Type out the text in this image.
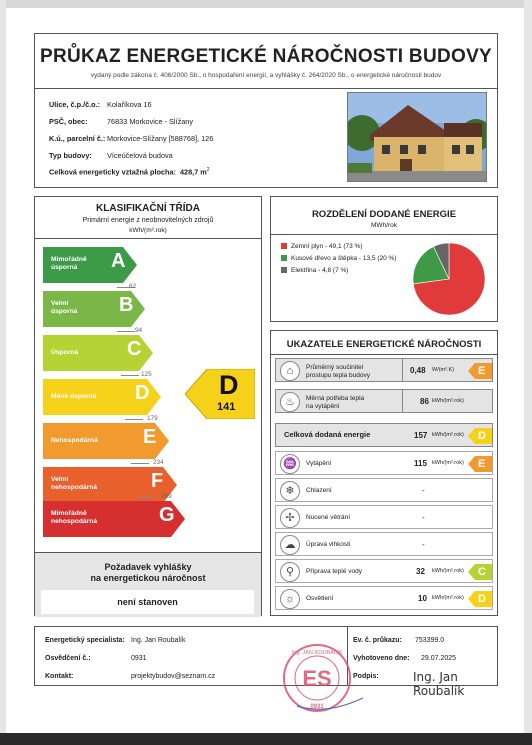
PRŮKAZ ENERGETICKÉ NÁROČNOSTI BUDOVY
vydaný podle zákona č. 406/2000 Sb., o hospodaření energií, a vyhlášky č. 264/2020 Sb., o energetické náročnosti budov
Ulice, č.p./č.o.: Kolaříkova 16
PSČ, obec:	76833 Morkovice - Slížany
K.ú., parcelní č.: Morkovice-Slížany [588768], 126
Typ budovy: Víceúčelová budova
Celková energeticky vztažná plocha: 428,7 $m^2$
KLASIFIKAČNÍ TŘÍDA
Primární energie z neobnovitelných zdrojů
kWh/(m².rok)
Mimořádně
úsporná	A
62
Velmi
úsporná B
94
Úsporná C
125
Méně úsporná D
179
Nehospodárná E
234
Velmi
nehospodárná	F
289
Mimořádně
nehospodárná	G
D
141
Požadavek vyhlášky
na energetickou náročnost
není stanoven
ROZDĚLENÍ DODANÉ ENERGIE
MWh/rok
Zemní plyn - 49,1 (73 %)
Kusové dřevo a štěpka - 13,5 (20 %)
Elektřina - 4,8 (7 %)
UKAZATELE ENERGETICKÉ NÁROČNOSTI
⌂	Průměrný součinitel
prostupu tepla budovy
0,48 W/(m².K) E
♨	Měrná potřeba tepla
na vytápění
86 kWh/(m².rok)
Celková dodaná energie	157 kWh/(m².rok) D
♒	Vytápění	115 kWh/(m².rok) E
❄	Chlazení	-
✢	Nucené větrání	-
☁	Úprava vlhkosti	-
⚲	Příprava teplé vody	32 kWh/(m².rok) C
☼	Osvětlení	10 kWh/(m².rok) D
Energetický specialista: Ing. Jan Roubalík
Osvědčení č.:	0931
Kontakt:	projektybudov@seznam.cz
Ev. č. průkazu: 753399.0
Vyhotoveno dne: 29.07.2025
Podpis:	Ing. Jan Roubalík
ES
Ing. JAN ROUBALÍK
0931
